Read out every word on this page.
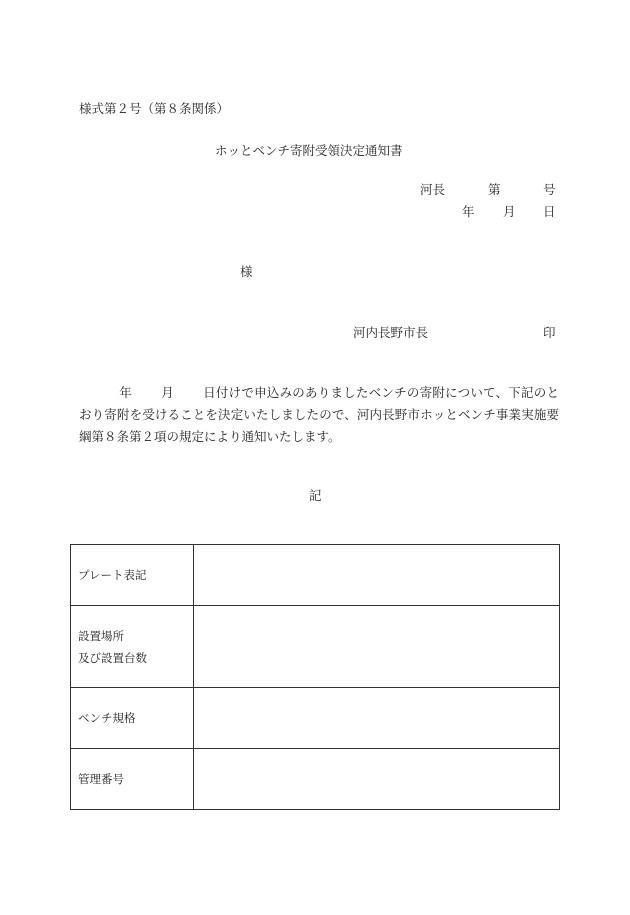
様式第２号（第８条関係）
ホッとベンチ寄附受領決定通知書
河長	第	号
年 月 日
様
河内長野市長	印
年 月 日付けで申込みのありましたベンチの寄附について、下記のとおり寄附を受けることを決定いたしましたので、河内長野市ホッとベンチ事業実施要綱第８条第２項の規定により通知いたします。
記
プレート表記	

設置場所
及び設置台数	

ベンチ規格	

管理番号	
